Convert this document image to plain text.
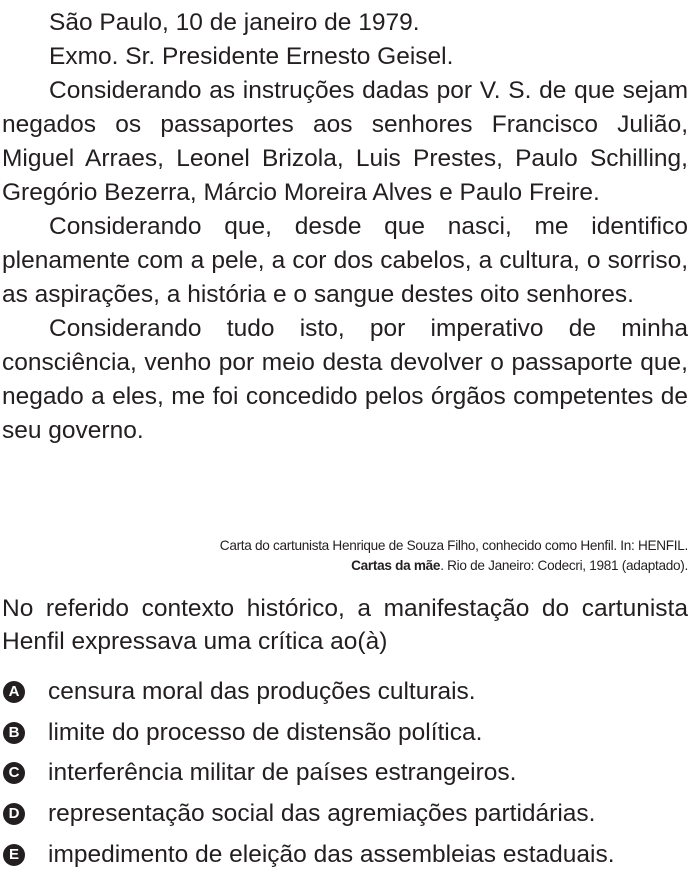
São Paulo, 10 de janeiro de 1979.

Exmo. Sr. Presidente Ernesto Geisel.

Considerando as instruções dadas por V. S. de que sejam negados os passaportes aos senhores Francisco Julião, Miguel Arraes, Leonel Brizola, Luis Prestes, Paulo Schilling, Gregório Bezerra, Márcio Moreira Alves e Paulo Freire.

Considerando que, desde que nasci, me identifico plenamente com a pele, a cor dos cabelos, a cultura, o sorriso, as aspirações, a história e o sangue destes oito senhores.

Considerando tudo isto, por imperativo de minha consciência, venho por meio desta devolver o passaporte que, negado a eles, me foi concedido pelos órgãos competentes de seu governo.

Carta do cartunista Henrique de Souza Filho, conhecido como Henfil. In: HENFIL.
Cartas da mãe. Rio de Janeiro: Codecri, 1981 (adaptado).

No referido contexto histórico, a manifestação do cartunista Henfil expressava uma crítica ao(à)

A censura moral das produções culturais.
B limite do processo de distensão política.
C interferência militar de países estrangeiros.
D representação social das agremiações partidárias.
E impedimento de eleição das assembleias estaduais.
